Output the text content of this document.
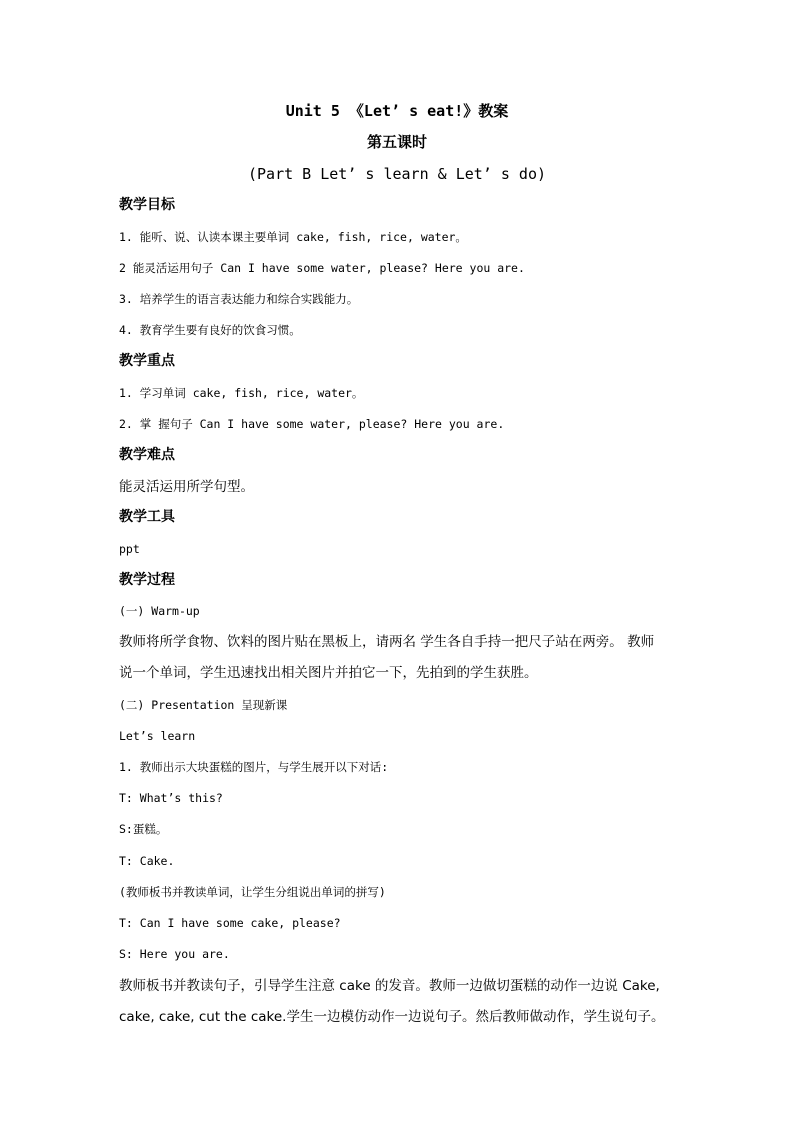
Unit 5 《Let’ s eat!》教案
第五课时
(Part B Let’ s learn & Let’ s do)
教学目标
1. 能听、说、认读本课主要单词 cake, fish, rice, water。
2 能灵活运用句子 Can I have some water, please? Here you are.
3. 培养学生的语言表达能力和综合实践能力。
4. 教育学生要有良好的饮食习惯。
教学重点
1. 学习单词 cake, fish, rice, water。
2. 掌 握句子 Can I have some water, please? Here you are.
教学难点
能灵活运用所学句型。
教学工具
ppt
教学过程
(一) Warm-up
教师将所学食物、饮料的图片贴在黑板上，请两名 学生各自手持一把尺子站在两旁。 教师
说一个单词，学生迅速找出相关图片并拍它一下，先拍到的学生获胜。
(二) Presentation 呈现新课
Let’s learn
1. 教师出示大块蛋糕的图片，与学生展开以下对话:
T: What’s this?
S:蛋糕。
T: Cake.
(教师板书并教读单词，让学生分组说出单词的拼写)
T: Can I have some cake, please?
S: Here you are.
教师板书并教读句子，引导学生注意 cake 的发音。教师一边做切蛋糕的动作一边说 Cake,
cake, cake, cut the cake.学生一边模仿动作一边说句子。然后教师做动作，学生说句子。
